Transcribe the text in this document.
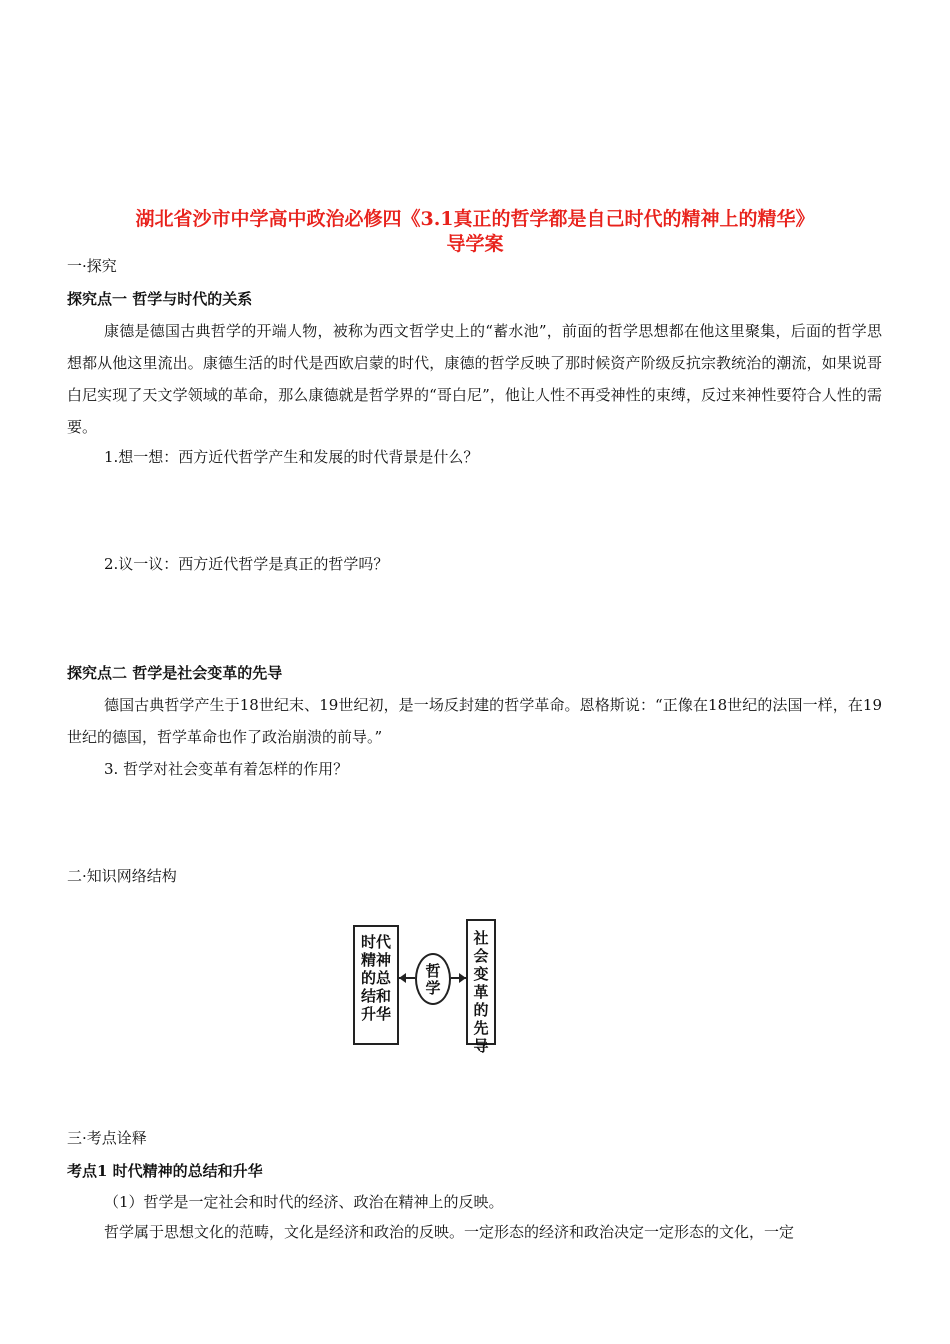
湖北省沙市中学高中政治必修四《3.1真正的哲学都是自己时代的精神上的精华》
导学案
一·探究
探究点一 哲学与时代的关系
康德是德国古典哲学的开端人物，被称为西文哲学史上的“蓄水池”，前面的哲学思想都在他这里聚集，后面的哲学思想都从他这里流出。康德生活的时代是西欧启蒙的时代，康德的哲学反映了那时候资产阶级反抗宗教统治的潮流，如果说哥白尼实现了天文学领域的革命，那么康德就是哲学界的“哥白尼”，他让人性不再受神性的束缚，反过来神性要符合人性的需要。
1.想一想：西方近代哲学产生和发展的时代背景是什么？
2.议一议：西方近代哲学是真正的哲学吗？
探究点二 哲学是社会变革的先导
德国古典哲学产生于18世纪末、19世纪初，是一场反封建的哲学革命。恩格斯说：“正像在18世纪的法国一样，在19世纪的德国，哲学革命也作了政治崩溃的前导。”
3. 哲学对社会变革有着怎样的作用？
二·知识网络结构
时代
精神
的总
结和
升华
哲
学
社
会
变
革
的
先
导
三·考点诠释
考点1 时代精神的总结和升华
（1）哲学是一定社会和时代的经济、政治在精神上的反映。
哲学属于思想文化的范畴，文化是经济和政治的反映。一定形态的经济和政治决定一定形态的文化，一定
